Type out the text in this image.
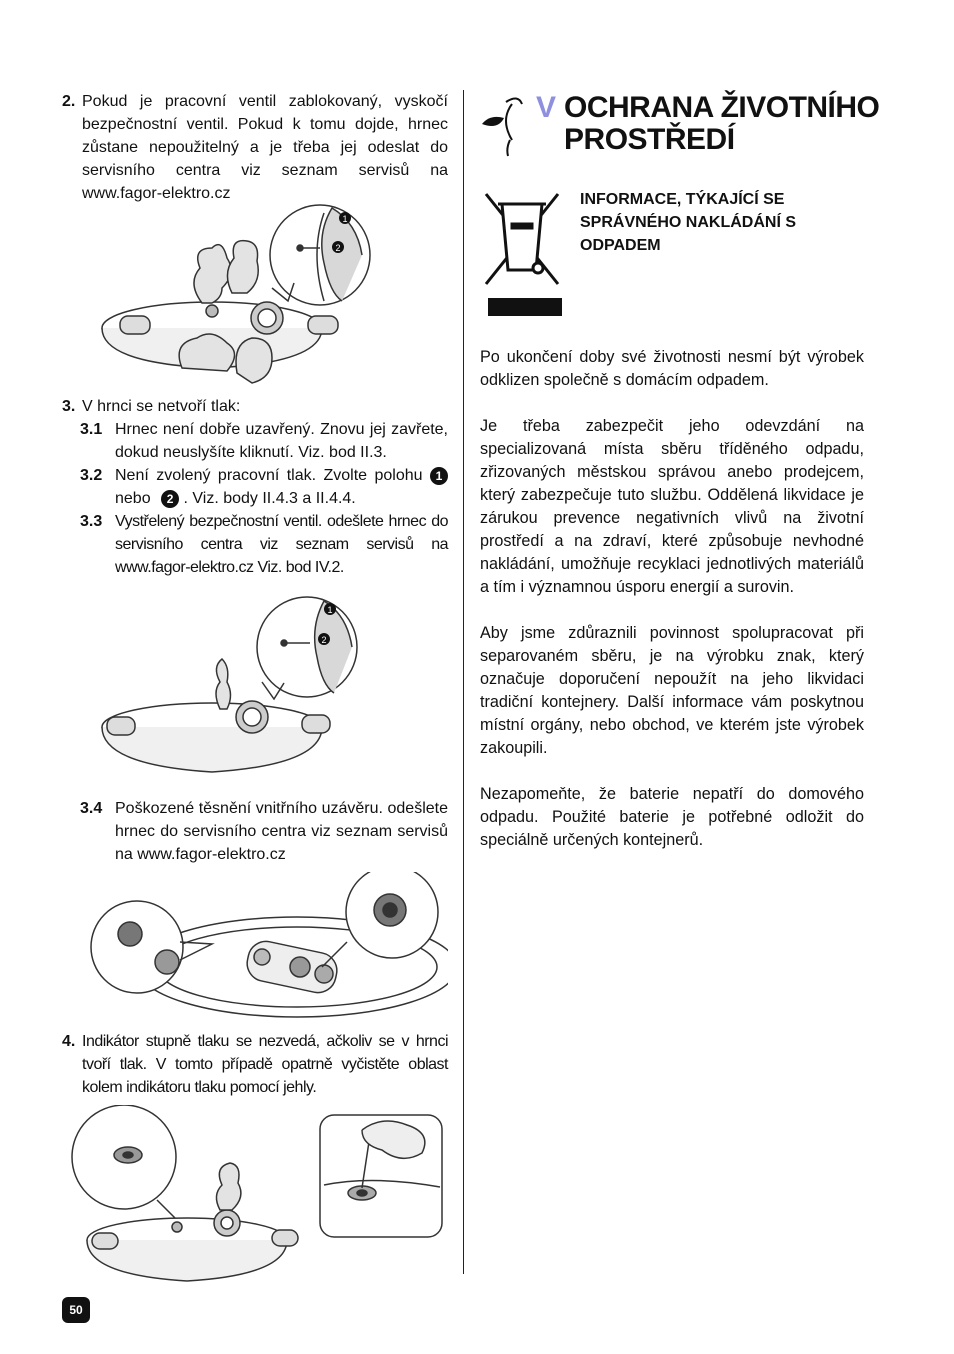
2. Pokud je pracovní ventil zablokovaný, vyskočí bezpečnostní ventil. Pokud k tomu dojde, hrnec zůstane nepoužitelný a je třeba jej odeslat do servisního centra viz seznam servisů na www.fagor-elektro.cz
1
2
3. V hrnci se netvoří tlak:
3.1 Hrnec není dobře uzavřený. Znovu jej zavřete, dokud neuslyšíte kliknutí. Viz. bod II.3.
3.2 Není zvolený pracovní tlak. Zvolte polohu 1 nebo 2 . Viz. body II.4.3 a II.4.4.
3.3 Vystřelený bezpečnostní ventil. odešlete hrnec do servisního centra viz seznam servisů na www.fagor-elektro.cz Viz. bod IV.2.
1
2
3.4 Poškozené těsnění vnitřního uzávěru. odešlete hrnec do servisního centra viz seznam servisů na www.fagor-elektro.cz
4. Indikátor stupně tlaku se nezvedá, ačkoliv se v hrnci tvoří tlak. V tomto případě opatrně vyčistěte oblast kolem indikátoru tlaku pomocí jehly.
V OCHRANA ŽIVOTNÍHO PROSTŘEDÍ
INFORMACE, TÝKAJÍCÍ SE SPRÁVNÉHO NAKLÁDÁNÍ S ODPADEM

Po ukončení doby své životnosti nesmí být výrobek odklizen společně s domácím odpadem.

Je třeba zabezpečit jeho odevzdání na specializovaná místa sběru tříděného odpadu, zřizovaných městskou správou anebo prodejcem, který zabezpečuje tuto službu. Oddělená likvidace je zárukou prevence negativních vlivů na životní prostředí a na zdraví, které způsobuje nevhodné nakládání, umožňuje recyklaci jednotlivých materiálů a tím i významnou úsporu energií a surovin.

Aby jsme zdůraznili povinnost spolupracovat při separovaném sběru, je na výrobku znak, který označuje doporučení nepoužít na jeho likvidaci tradiční kontejnery. Další informace vám poskytnou místní orgány, nebo obchod, ve kterém jste výrobek zakoupili.

Nezapomeňte, že baterie nepatří do domového odpadu. Použité baterie je potřebné odložit do speciálně určených kontejnerů.

50
